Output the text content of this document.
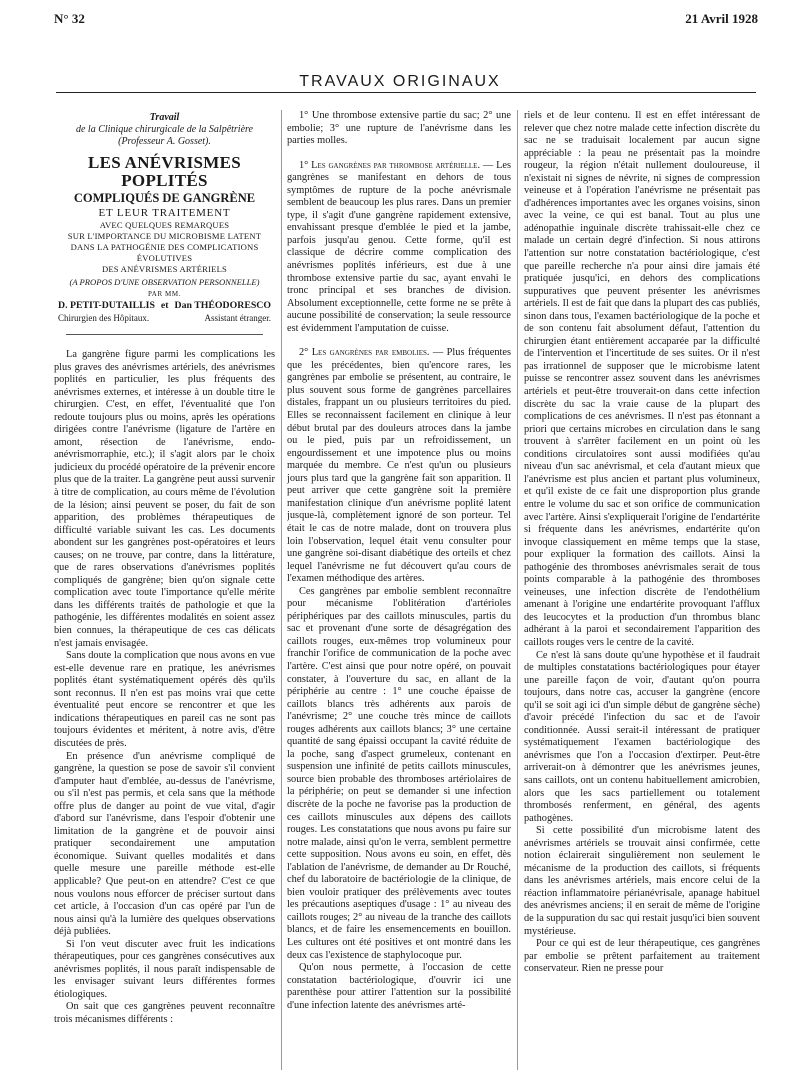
N° 32	21 Avril 1928
TRAVAUX ORIGINAUX
Travail
de la Clinique chirurgicale de la Salpêtrière
(Professeur A. Gosset).
LES ANÉVRISMES POPLITÉS
COMPLIQUÉS DE GANGRÈNE
ET LEUR TRAITEMENT
AVEC QUELQUES REMARQUES
SUR L'IMPORTANCE DU MICROBISME LATENT
DANS LA PATHOGÉNIE DES COMPLICATIONS ÉVOLUTIVES
DES ANÉVRISMES ARTÉRIELS
(A PROPOS D'UNE OBSERVATION PERSONNELLE)
PAR MM.
D. PETIT-DUTAILLIS et Dan THÉODORESCO
Chirurgien des Hôpitaux.	Assistant étranger.

La gangrène figure parmi les complications les plus graves des anévrismes artériels, des anévrismes poplités en particulier, les plus fréquents des anévrismes externes, et intéresse à un double titre le chirurgien. C'est, en effet, l'éventualité que l'on redoute toujours plus ou moins, après les opérations dirigées contre l'anévrisme (ligature de l'artère en amont, résection de l'anévrisme, endo-anévrismorraphie, etc.); il s'agit alors par le choix judicieux du procédé opératoire de la prévenir encore plus que de la traiter. La gangrène peut aussi survenir à titre de complication, au cours même de l'évolution de la lésion; ainsi peuvent se poser, du fait de son apparition, des problèmes thérapeutiques de difficulté variable suivant les cas. Les documents abondent sur les gangrènes post-opératoires et leurs causes; on ne trouve, par contre, dans la littérature, que de rares observations d'anévrismes poplités compliqués de gangrène; bien qu'on signale cette complication avec toute l'importance qu'elle mérite dans les différents traités de pathologie et que la pathogénie, les différentes modalités en soient assez bien connues, la thérapeutique de ces cas délicats n'est jamais envisagée.

Sans doute la complication que nous avons en vue est-elle devenue rare en pratique, les anévrismes poplités étant systématiquement opérés dès qu'ils sont reconnus. Il n'en est pas moins vrai que cette éventualité peut encore se rencontrer et que les indications thérapeutiques en pareil cas ne sont pas toujours évidentes et méritent, à notre avis, d'être discutées de près.

En présence d'un anévrisme compliqué de gangrène, la question se pose de savoir s'il convient d'amputer haut d'emblée, au-dessus de l'anévrisme, ou s'il n'est pas permis, et cela sans que la méthode offre plus de danger au point de vue vital, d'agir d'abord sur l'anévrisme, dans l'espoir d'obtenir une limitation de la gangrène et de pouvoir ainsi pratiquer secondairement une amputation économique. Suivant quelles modalités et dans quelle mesure une pareille méthode est-elle applicable? Que peut-on en attendre? C'est ce que nous voulons nous efforcer de préciser surtout dans cet article, à l'occasion d'un cas opéré par l'un de nous ainsi qu'à la lumière des quelques observations déjà publiées.

Si l'on veut discuter avec fruit les indications thérapeutiques, pour ces gangrènes consécutives aux anévrismes poplités, il nous paraît indispensable de les envisager suivant leurs différentes formes étiologiques.

On sait que ces gangrènes peuvent reconnaître trois mécanismes différents :

1° Une thrombose extensive partie du sac; 2° une embolie; 3° une rupture de l'anévrisme dans les parties molles.

1° Les gangrènes par thrombose artérielle. — Les gangrènes se manifestant en dehors de tous symptômes de rupture de la poche anévrismale semblent de beaucoup les plus rares. Dans un premier type, il s'agit d'une gangrène rapidement extensive, envahissant presque d'emblée le pied et la jambe, parfois jusqu'au genou. Cette forme, qu'il est classique de décrire comme complication des anévrismes poplités inférieurs, est due à une thrombose extensive partie du sac, ayant envahi le tronc principal et ses branches de division. Absolument exceptionnelle, cette forme ne se prête à aucune possibilité de conservation; la seule ressource est évidemment l'amputation de cuisse.

2° Les gangrènes par embolies. — Plus fréquentes que les précédentes, bien qu'encore rares, les gangrènes par embolie se présentent, au contraire, le plus souvent sous forme de gangrènes parcellaires distales, frappant un ou plusieurs territoires du pied. Elles se reconnaissent facilement en clinique à leur début brutal par des douleurs atroces dans la jambe ou le pied, puis par un refroidissement, un engourdissement et une impotence plus ou moins marquée du membre. Ce n'est qu'un ou plusieurs jours plus tard que la gangrène fait son apparition. Il peut arriver que cette gangrène soit la première manifestation clinique d'un anévrisme poplité latent jusque-là, complètement ignoré de son porteur. Tel était le cas de notre malade, dont on trouvera plus loin l'observation, lequel était venu consulter pour une gangrène soi-disant diabétique des orteils et chez lequel l'anévrisme ne fut découvert qu'au cours de l'examen méthodique des artères.

Ces gangrènes par embolie semblent reconnaître pour mécanisme l'oblitération d'artérioles périphériques par des caillots minuscules, partis du sac et provenant d'une sorte de désagrégation des caillots rouges, eux-mêmes trop volumineux pour franchir l'orifice de communication de la poche avec l'artère. C'est ainsi que pour notre opéré, on pouvait constater, à l'ouverture du sac, en allant de la périphérie au centre : 1° une couche épaisse de caillots blancs très adhérents aux parois de l'anévrisme; 2° une couche très mince de caillots rouges adhérents aux caillots blancs; 3° une certaine quantité de sang épaissi occupant la cavité réduite de la poche, sang d'aspect grumeleux, contenant en suspension une infinité de petits caillots minuscules, source bien probable des thromboses artériolaires de la périphérie; on peut se demander si une infection discrète de la poche ne favorise pas la production de ces caillots minuscules aux dépens des caillots rouges. Les constatations que nous avons pu faire sur notre malade, ainsi qu'on le verra, semblent permettre cette supposition. Nous avons eu soin, en effet, dès l'ablation de l'anévrisme, de demander au Dr Rouché, chef du laboratoire de bactériologie de la clinique, de bien vouloir pratiquer des prélèvements avec toutes les précautions aseptiques d'usage : 1° au niveau des caillots rouges; 2° au niveau de la tranche des caillots blancs, et de faire les ensemencements en bouillon. Les cultures ont été positives et ont montré dans les deux cas l'existence de staphylocoque pur.

Qu'on nous permette, à l'occasion de cette constatation bactériologique, d'ouvrir ici une parenthèse pour attirer l'attention sur la possibilité d'une infection latente des anévrismes arté-

riels et de leur contenu. Il est en effet intéressant de relever que chez notre malade cette infection discrète du sac ne se traduisait localement par aucun signe appréciable : la peau ne présentait pas la moindre rougeur, la région n'était nullement douloureuse, il n'existait ni signes de névrite, ni signes de compression veineuse et à l'opération l'anévrisme ne présentait pas d'adhérences importantes avec les organes voisins, sinon avec la veine, ce qui est banal. Tout au plus une adénopathie inguinale discrète trahissait-elle chez ce malade un certain degré d'infection. Si nous attirons l'attention sur notre constatation bactériologique, c'est que pareille recherche n'a pour ainsi dire jamais été pratiquée jusqu'ici, en dehors des complications suppuratives que peuvent présenter les anévrismes artériels. Il est de fait que dans la plupart des cas publiés, sinon dans tous, l'examen bactériologique de la poche et de son contenu fait absolument défaut, l'attention du chirurgien étant entièrement accaparée par la difficulté de l'intervention et l'incertitude de ses suites. Or il n'est pas irrationnel de supposer que le microbisme latent puisse se rencontrer assez souvent dans les anévrismes artériels et peut-être trouverait-on dans cette infection discrète du sac la vraie cause de la plupart des complications de ces anévrismes. Il n'est pas étonnant a priori que certains microbes en circulation dans le sang trouvent à s'arrêter facilement en un point où les conditions circulatoires sont aussi modifiées qu'au niveau d'un sac anévrismal, et cela d'autant mieux que l'anévrisme est plus ancien et partant plus volumineux, et qu'il existe de ce fait une disproportion plus grande entre le volume du sac et son orifice de communication avec l'artère. Ainsi s'expliquerait l'origine de l'endartérite si fréquente dans les anévrismes, endartérite qu'on invoque classiquement en même temps que la stase, pour expliquer la formation des caillots. Ainsi la pathogénie des thromboses anévrismales serait de tous points comparable à la pathogénie des thromboses veineuses, une infection discrète de l'endothélium amenant à l'origine une endartérite provoquant l'afflux des leucocytes et la production d'un thrombus blanc adhérant à la paroi et secondairement l'apparition des caillots rouges vers le centre de la cavité.

Ce n'est là sans doute qu'une hypothèse et il faudrait de multiples constatations bactériologiques pour étayer une pareille façon de voir, d'autant qu'on pourra toujours, dans notre cas, accuser la gangrène (encore qu'il se soit agi ici d'un simple début de gangrène sèche) d'avoir précédé l'infection du sac et de l'avoir conditionnée. Aussi serait-il intéressant de pratiquer systématiquement l'examen bactériologique des anévrismes que l'on a l'occasion d'extirper. Peut-être arriverait-on à démontrer que les anévrismes jeunes, sans caillots, ont un contenu habituellement amicrobien, alors que les sacs partiellement ou totalement thrombosés renferment, en général, des agents pathogènes.

Si cette possibilité d'un microbisme latent des anévrismes artériels se trouvait ainsi confirmée, cette notion éclairerait singulièrement non seulement le mécanisme de la production des caillots, si fréquents dans les anévrismes artériels, mais encore celui de la réaction inflammatoire périanévrisale, apanage habituel des anévrismes anciens; il en serait de même de l'origine de la suppuration du sac qui restait jusqu'ici bien souvent mystérieuse.

Pour ce qui est de leur thérapeutique, ces gangrènes par embolie se prêtent parfaitement au traitement conservateur. Rien ne presse pour
